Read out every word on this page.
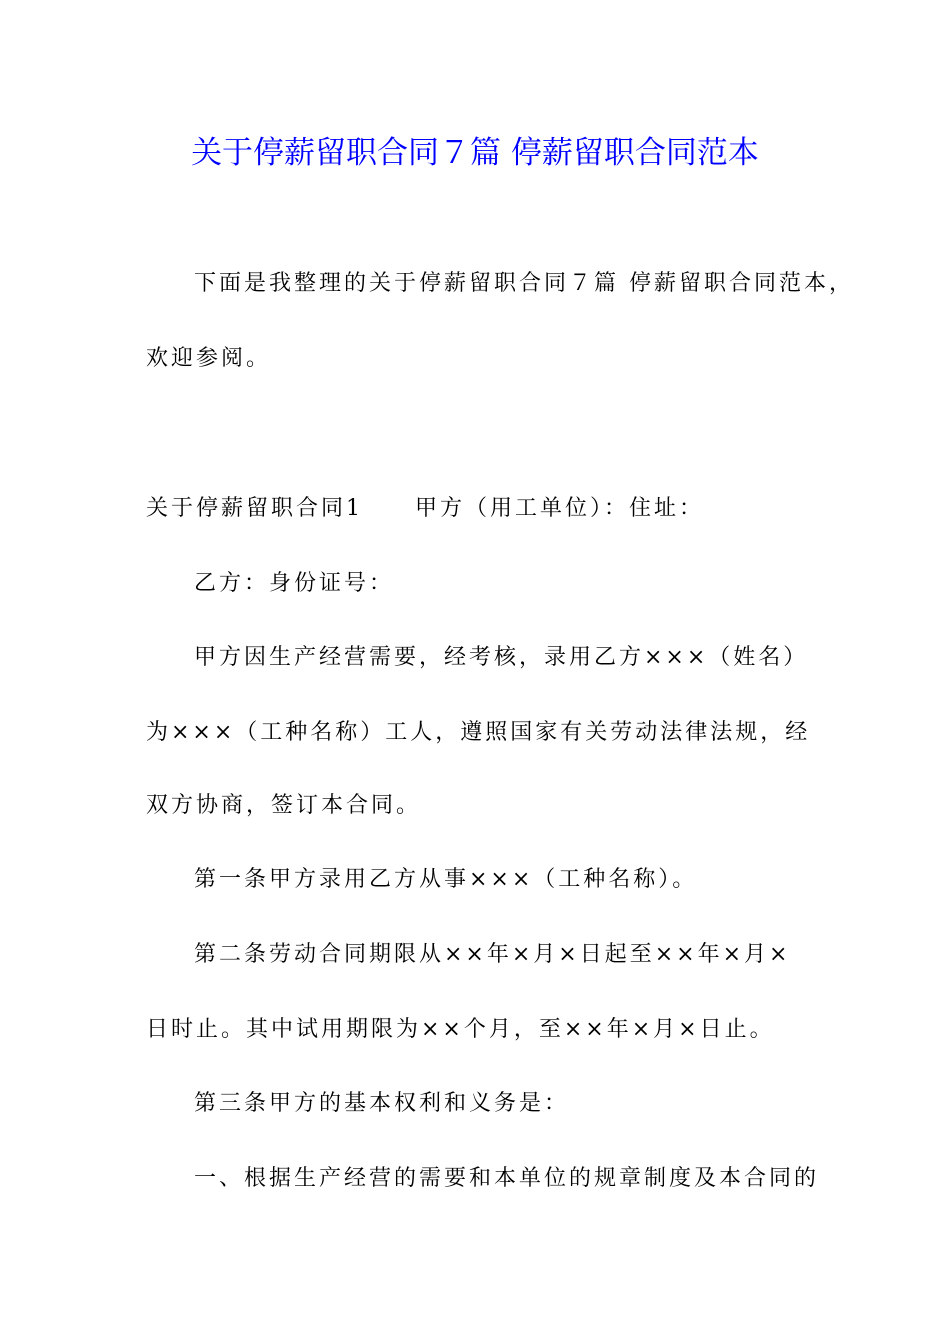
关于停薪留职合同７篇 停薪留职合同范本

下面是我整理的关于停薪留职合同７篇 停薪留职合同范本，

欢迎参阅。

关于停薪留职合同1 甲方（用工单位）：住址：

乙方：身份证号：

甲方因生产经营需要，经考核，录用乙方×××（姓名）

为×××（工种名称）工人，遵照国家有关劳动法律法规，经

双方协商，签订本合同。

第一条甲方录用乙方从事×××（工种名称）。

第二条劳动合同期限从××年×月×日起至××年×月×

日时止。其中试用期限为××个月，至××年×月×日止。

第三条甲方的基本权利和义务是：

一、根据生产经营的需要和本单位的规章制度及本合同的
